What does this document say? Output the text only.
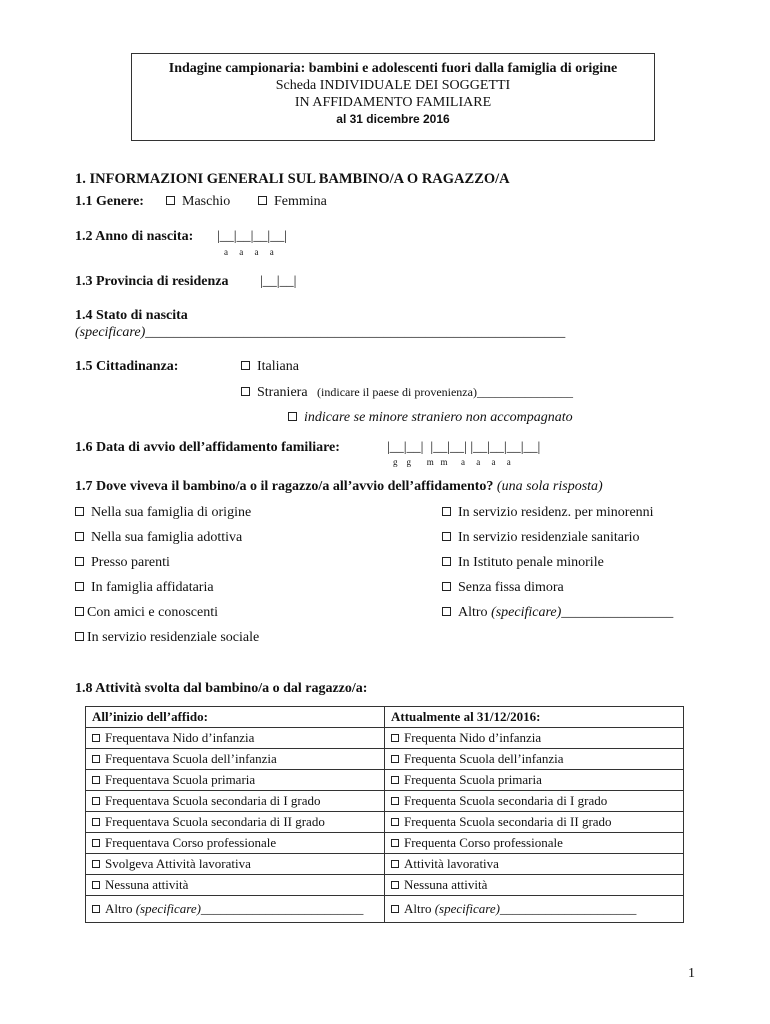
Indagine campionaria: bambini e adolescenti fuori dalla famiglia di origine
Scheda INDIVIDUALE DEI SOGGETTI
IN AFFIDAMENTO FAMILIARE
al 31 dicembre 2016
1. INFORMAZIONI GENERALI SUL BAMBINO/A O RAGAZZO/A
1.1 Genere:	Maschio	Femmina
1.2 Anno di nascita: |__|__|__|__|
a     a     a     a
1.3 Provincia di residenza |__|__|
1.4 Stato di nascita
(specificare)____________________________________________________________
1.5 Cittadinanza:	Italiana
Straniera (indicare il paese di provenienza)________________
indicare se minore straniero non accompagnato
1.6 Data di avvio dell’affidamento familiare:	|__|__|  |__|__| |__|__|__|__|
g    g       m   m      a     a     a     a
1.7 Dove viveva il bambino/a o il ragazzo/a all’avvio dell’affidamento? (una sola risposta)
Nella sua famiglia di origine
Nella sua famiglia adottiva
Presso parenti
In famiglia affidataria
Con amici e conoscenti
In servizio residenziale sociale
In servizio residenz. per minorenni
In servizio residenziale sanitario
In Istituto penale minorile
Senza fissa dimora
Altro (specificare)________________
1.8 Attività svolta dal bambino/a o dal ragazzo/a:
All’inizio dell’affido:	Attualmente al 31/12/2016:
Frequentava Nido d’infanzia	Frequenta Nido d’infanzia
Frequentava Scuola dell’infanzia	Frequenta Scuola dell’infanzia
Frequentava Scuola primaria	Frequenta Scuola primaria
Frequentava Scuola secondaria di I grado	Frequenta Scuola secondaria di I grado
Frequentava Scuola secondaria di II grado	Frequenta Scuola secondaria di II grado
Frequentava Corso professionale	Frequenta Corso professionale
Svolgeva Attività lavorativa	Attività lavorativa
Nessuna attività	Nessuna attività
Altro (specificare)_________________________	Altro (specificare)_____________________
1
